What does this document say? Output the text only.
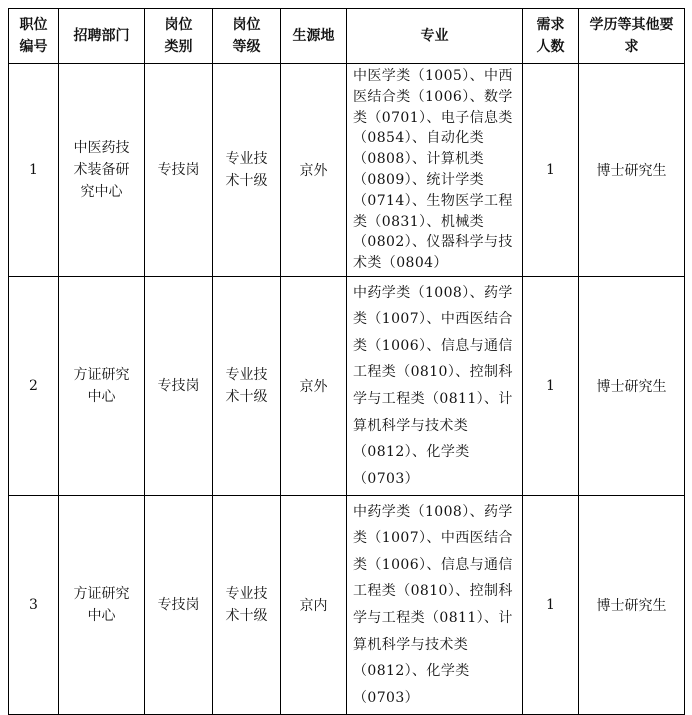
职位编号	招聘部门	岗位类别	岗位等级	生源地	专业	需求人数	学历等其他要求
1	中医药技术装备研究中心	专技岗	专业技术十级	京外	中医学类（1005）、中西医结合类（1006）、数学类（0701）、电子信息类（0854）、自动化类（0808）、计算机类（0809）、统计学类（0714）、生物医学工程类（0831）、机械类（0802）、仪器科学与技术类（0804）	1	博士研究生
2	方证研究中心	专技岗	专业技术十级	京外	中药学类（1008）、药学类（1007）、中西医结合类（1006）、信息与通信工程类（0810）、控制科学与工程类（0811）、计算机科学与技术类（0812）、化学类（0703）	1	博士研究生
3	方证研究中心	专技岗	专业技术十级	京内	中药学类（1008）、药学类（1007）、中西医结合类（1006）、信息与通信工程类（0810）、控制科学与工程类（0811）、计算机科学与技术类（0812）、化学类（0703）	1	博士研究生
